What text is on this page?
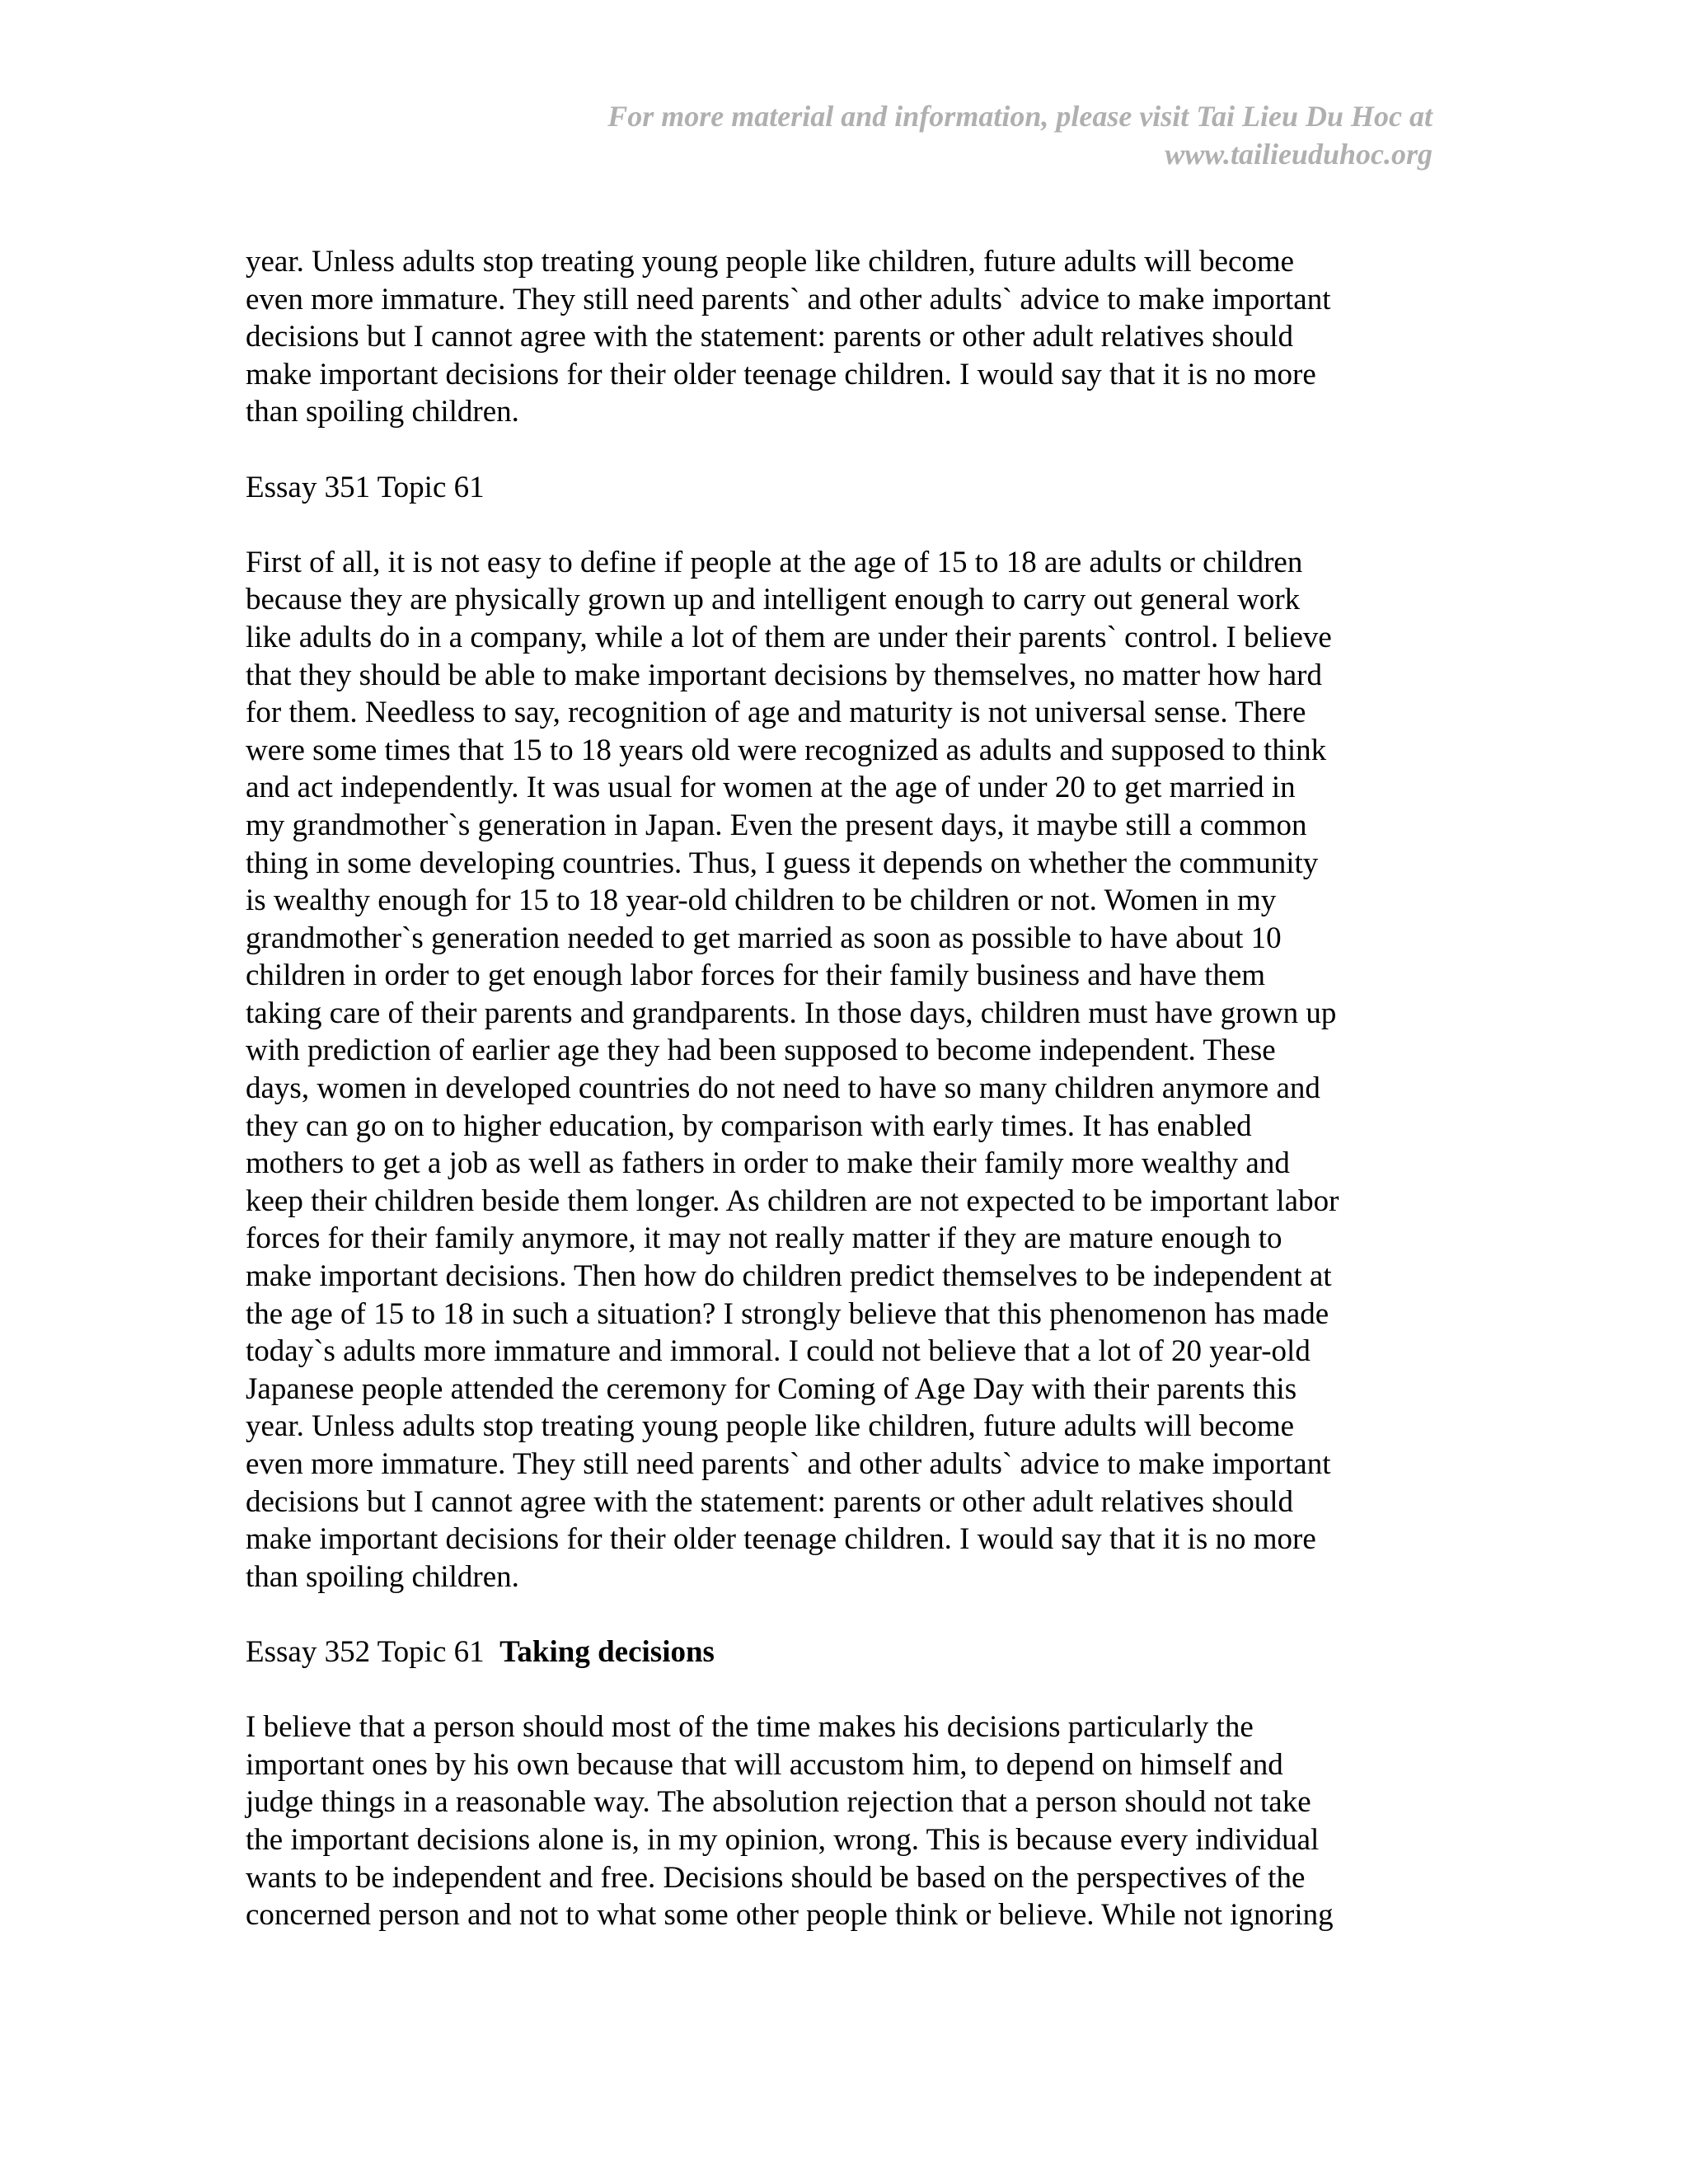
For more material and information, please visit Tai Lieu Du Hoc at
www.tailieuduhoc.org

year. Unless adults stop treating young people like children, future adults will become
even more immature. They still need parents` and other adults` advice to make important
decisions but I cannot agree with the statement: parents or other adult relatives should
make important decisions for their older teenage children. I would say that it is no more
than spoiling children.

Essay 351 Topic 61

First of all, it is not easy to define if people at the age of 15 to 18 are adults or children
because they are physically grown up and intelligent enough to carry out general work
like adults do in a company, while a lot of them are under their parents` control. I believe
that they should be able to make important decisions by themselves, no matter how hard
for them. Needless to say, recognition of age and maturity is not universal sense. There
were some times that 15 to 18 years old were recognized as adults and supposed to think
and act independently. It was usual for women at the age of under 20 to get married in
my grandmother`s generation in Japan. Even the present days, it maybe still a common
thing in some developing countries. Thus, I guess it depends on whether the community
is wealthy enough for 15 to 18 year-old children to be children or not. Women in my
grandmother`s generation needed to get married as soon as possible to have about 10
children in order to get enough labor forces for their family business and have them
taking care of their parents and grandparents. In those days, children must have grown up
with prediction of earlier age they had been supposed to become independent. These
days, women in developed countries do not need to have so many children anymore and
they can go on to higher education, by comparison with early times. It has enabled
mothers to get a job as well as fathers in order to make their family more wealthy and
keep their children beside them longer. As children are not expected to be important labor
forces for their family anymore, it may not really matter if they are mature enough to
make important decisions. Then how do children predict themselves to be independent at
the age of 15 to 18 in such a situation? I strongly believe that this phenomenon has made
today`s adults more immature and immoral. I could not believe that a lot of 20 year-old
Japanese people attended the ceremony for Coming of Age Day with their parents this
year. Unless adults stop treating young people like children, future adults will become
even more immature. They still need parents` and other adults` advice to make important
decisions but I cannot agree with the statement: parents or other adult relatives should
make important decisions for their older teenage children. I would say that it is no more
than spoiling children.

Essay 352 Topic 61 Taking decisions

I believe that a person should most of the time makes his decisions particularly the
important ones by his own because that will accustom him, to depend on himself and
judge things in a reasonable way. The absolution rejection that a person should not take
the important decisions alone is, in my opinion, wrong. This is because every individual
wants to be independent and free. Decisions should be based on the perspectives of the
concerned person and not to what some other people think or believe. While not ignoring
